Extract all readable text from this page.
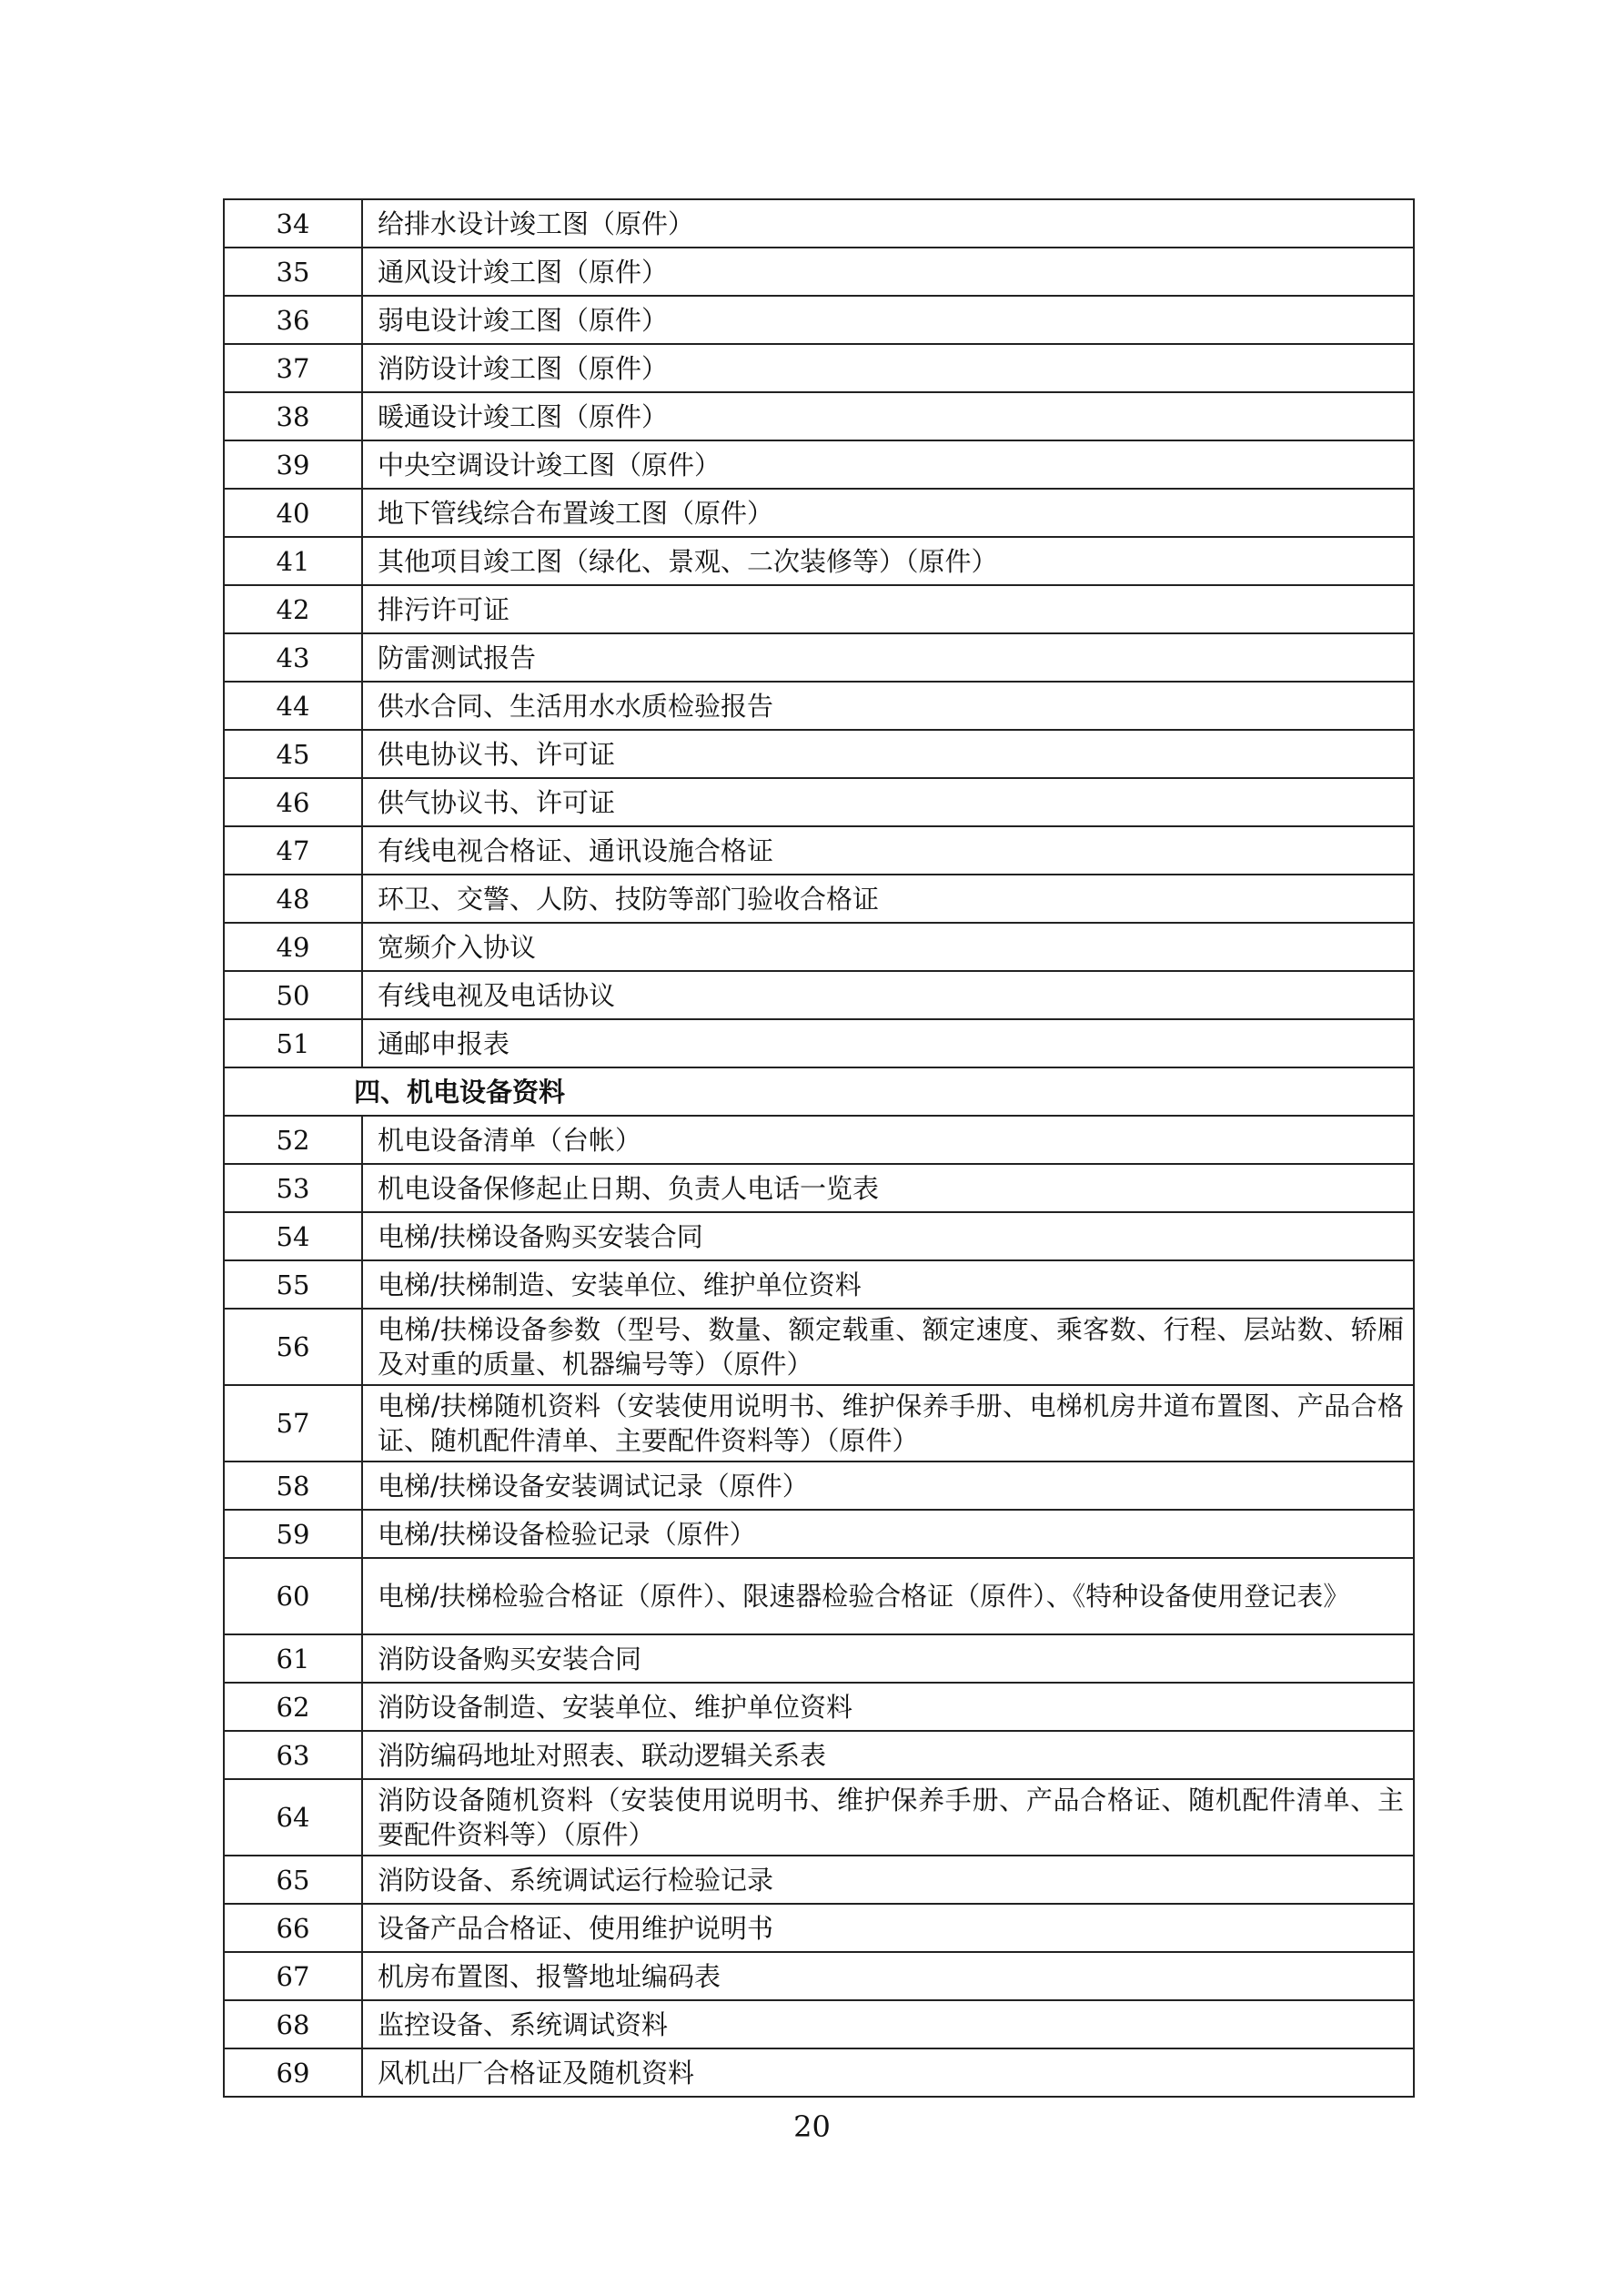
34	给排水设计竣工图（原件）
35	通风设计竣工图（原件）
36	弱电设计竣工图（原件）
37	消防设计竣工图（原件）
38	暖通设计竣工图（原件）
39	中央空调设计竣工图（原件）
40	地下管线综合布置竣工图（原件）
41	其他项目竣工图（绿化、景观、二次装修等）（原件）
42	排污许可证
43	防雷测试报告
44	供水合同、生活用水水质检验报告
45	供电协议书、许可证
46	供气协议书、许可证
47	有线电视合格证、通讯设施合格证
48	环卫、交警、人防、技防等部门验收合格证
49	宽频介入协议
50	有线电视及电话协议
51	通邮申报表
四、机电设备资料	
52	机电设备清单（台帐）
53	机电设备保修起止日期、负责人电话一览表
54	电梯/扶梯设备购买安装合同
55	电梯/扶梯制造、安装单位、维护单位资料
56	电梯/扶梯设备参数（型号、数量、额定载重、额定速度、乘客数、行程、层站数、轿厢及对重的质量、机器编号等）（原件）
57	电梯/扶梯随机资料（安装使用说明书、维护保养手册、电梯机房井道布置图、产品合格证、随机配件清单、主要配件资料等）（原件）
58	电梯/扶梯设备安装调试记录（原件）
59	电梯/扶梯设备检验记录（原件）
60	电梯/扶梯检验合格证（原件）、限速器检验合格证（原件）、《特种设备使用登记表》
61	消防设备购买安装合同
62	消防设备制造、安装单位、维护单位资料
63	消防编码地址对照表、联动逻辑关系表
64	消防设备随机资料（安装使用说明书、维护保养手册、产品合格证、随机配件清单、主要配件资料等）（原件）
65	消防设备、系统调试运行检验记录
66	设备产品合格证、使用维护说明书
67	机房布置图、报警地址编码表
68	监控设备、系统调试资料
69	风机出厂合格证及随机资料
20
